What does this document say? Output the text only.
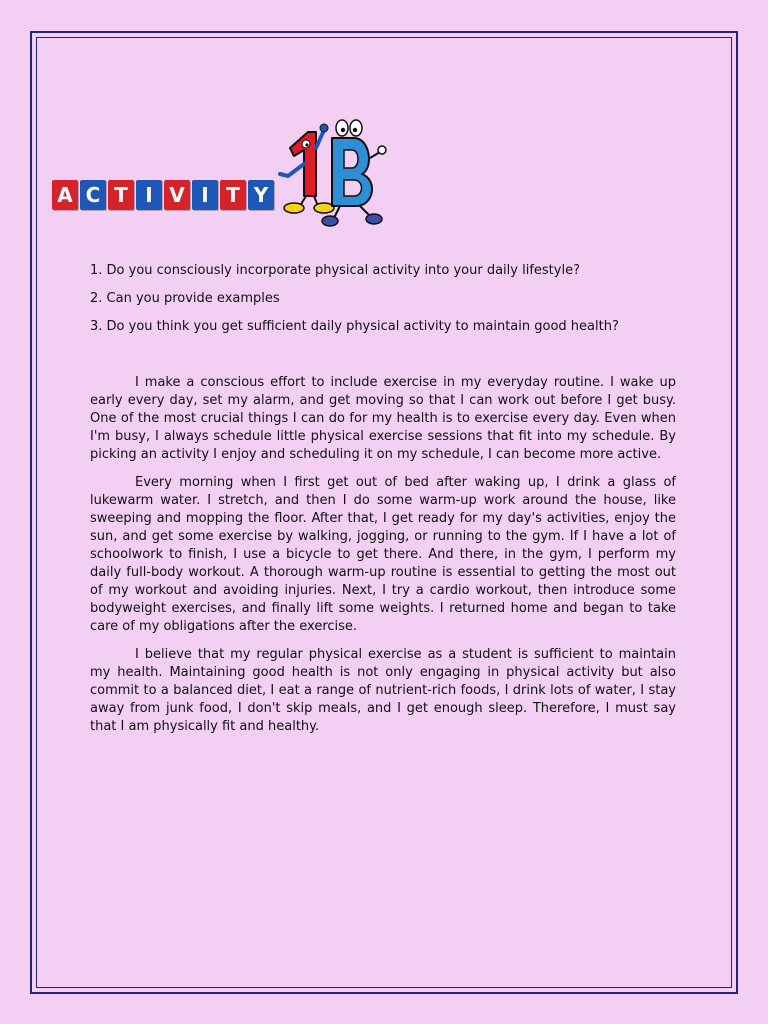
A C T I V I T Y

1. Do you consciously incorporate physical activity into your daily lifestyle?

2. Can you provide examples

3. Do you think you get sufficient daily physical activity to maintain good health?

I make a conscious effort to include exercise in my everyday routine. I wake up early every day, set my alarm, and get moving so that I can work out before I get busy. One of the most crucial things I can do for my health is to exercise every day. Even when I'm busy, I always schedule little physical exercise sessions that fit into my schedule. By picking an activity I enjoy and scheduling it on my schedule, I can become more active.

Every morning when I first get out of bed after waking up, I drink a glass of lukewarm water. I stretch, and then I do some warm-up work around the house, like sweeping and mopping the floor. After that, I get ready for my day's activities, enjoy the sun, and get some exercise by walking, jogging, or running to the gym. If I have a lot of schoolwork to finish, I use a bicycle to get there. And there, in the gym, I perform my daily full-body workout. A thorough warm-up routine is essential to getting the most out of my workout and avoiding injuries. Next, I try a cardio workout, then introduce some bodyweight exercises, and finally lift some weights. I returned home and began to take care of my obligations after the exercise.

I believe that my regular physical exercise as a student is sufficient to maintain my health. Maintaining good health is not only engaging in physical activity but also commit to a balanced diet, I eat a range of nutrient-rich foods, I drink lots of water, I stay away from junk food, I don't skip meals, and I get enough sleep. Therefore, I must say that I am physically fit and healthy.
